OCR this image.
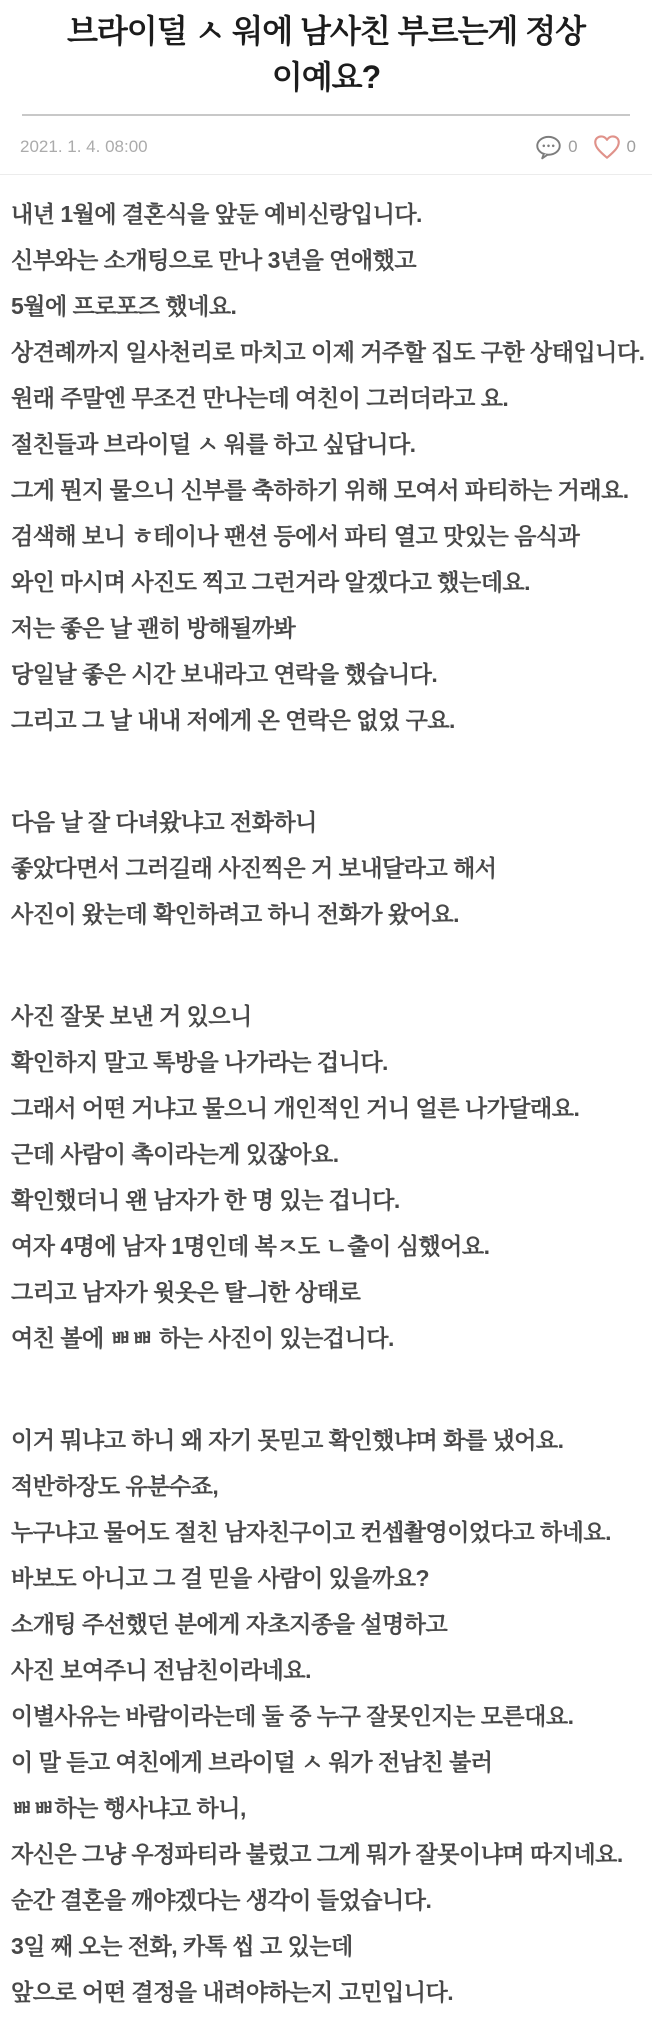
브라이덜 ㅅ 워에 남사친 부르는게 정상
이예요?
2021. 1. 4. 08:00	0	0
내년 1월에 결혼식을 앞둔 예비신랑입니다.
신부와는 소개팅으로 만나 3년을 연애했고
5월에 프로포즈 했네요.
상견례까지 일사천리로 마치고 이제 거주할 집도 구한 상태입니다.
원래 주말엔 무조건 만나는데 여친이 그러더라고 요.
절친들과 브라이덜 ㅅ 워를 하고 싶답니다.
그게 뭔지 물으니 신부를 축하하기 위해 모여서 파티하는 거래요.
검색해 보니 ㅎ테이나 팬션 등에서 파티 열고 맛있는 음식과
와인 마시며 사진도 찍고 그런거라 알겠다고 했는데요.
저는 좋은 날 괜히 방해될까봐
당일날 좋은 시간 보내라고 연락을 했습니다.
그리고 그 날 내내 저에게 온 연락은 없었 구요.
다음 날 잘 다녀왔냐고 전화하니
좋았다면서 그러길래 사진찍은 거 보내달라고 해서
사진이 왔는데 확인하려고 하니 전화가 왔어요.
사진 잘못 보낸 거 있으니
확인하지 말고 톡방을 나가라는 겁니다.
그래서 어떤 거냐고 물으니 개인적인 거니 얼른 나가달래요.
근데 사람이 촉이라는게 있잖아요.
확인했더니 왠 남자가 한 명 있는 겁니다.
여자 4명에 남자 1명인데 복ㅈ도 ㄴ출이 심했어요.
그리고 남자가 윗옷은 탈ㅢ한 상태로
여친 볼에 ㅃㅃ 하는 사진이 있는겁니다.
이거 뭐냐고 하니 왜 자기 못믿고 확인했냐며 화를 냈어요.
적반하장도 유분수죠,
누구냐고 물어도 절친 남자친구이고 컨셉촬영이었다고 하네요.
바보도 아니고 그 걸 믿을 사람이 있을까요?
소개팅 주선했던 분에게 자초지종을 설명하고
사진 보여주니 전남친이라네요.
이별사유는 바람이라는데 둘 중 누구 잘못인지는 모른대요.
이 말 듣고 여친에게 브라이덜 ㅅ 워가 전남친 불러
ㅃㅃ하는 행사냐고 하니,
자신은 그냥 우정파티라 불렀고 그게 뭐가 잘못이냐며 따지네요.
순간 결혼을 깨야겠다는 생각이 들었습니다.
3일 째 오는 전화, 카톡 씹 고 있는데
앞으로 어떤 결정을 내려야하는지 고민입니다.
